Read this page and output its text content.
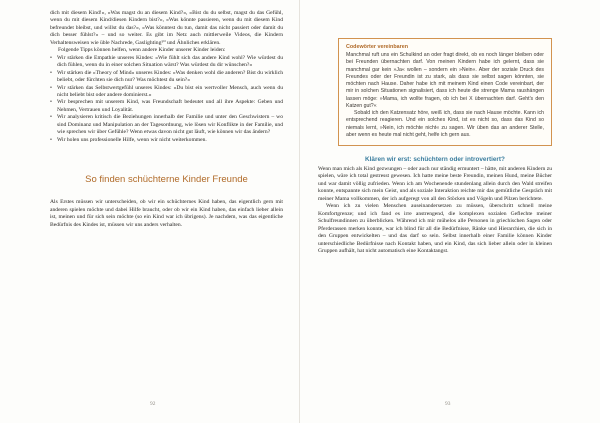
dich mit diesem Kind!«, »Was magst du an diesem Kind?«, »Bist du du selbst, magst du das Gefühl, wenn du mit diesem Kind/diesen Kindern bist?«, »Was könnte passieren, wenn du mit diesem Kind befreundet bleibst, und willst du das?«, »Was könntest du tun, damit das nicht passiert oder damit du dich besser fühlst?« – und so weiter. Es gibt im Netz auch mittlerweile Videos, die Kindern Verhaltensweisen wie üble Nachrede, Gaslighting⁵⁰ und Ähnliches erklären.

Folgende Tipps können helfen, wenn andere Kinder unserer Kinder leiden:

• Wir stärken die Empathie unseres Kindes: »Wie fühlt sich das andere Kind wohl? Wie würdest du dich fühlen, wenn du in einer solchen Situation wärst? Was würdest du dir wünschen?«
• Wir stärken die »Theory of Mind« unseres Kindes: »Was denken wohl die anderen? Bist du wirklich beliebt, oder fürchten sie dich nur? Was möchtest du sein?«
• Wir stärken das Selbstwertgefühl unseres Kindes: »Du bist ein wertvoller Mensch, auch wenn du nicht beliebt bist oder andere dominierst.«
• Wir besprechen mit unserem Kind, was Freundschaft bedeutet und all ihre Aspekte: Geben und Nehmen, Vertrauen und Loyalität.
• Wir analysieren kritisch die Beziehungen innerhalb der Familie und unter den Geschwistern – wo sind Dominanz und Manipulation an der Tagesordnung, wie lösen wir Konflikte in der Familie, und wie sprechen wir über Gefühle? Wenn etwas davon nicht gut läuft, wie können wir das ändern?
• Wir holen uns professionelle Hilfe, wenn wir nicht weiterkommen.
So finden schüchterne Kinder Freunde

Als Erstes müssen wir unterscheiden, ob wir ein schüchternes Kind haben, das eigentlich gern mit anderen spielen möchte und dabei Hilfe braucht, oder ob wir ein Kind haben, das einfach lieber allein ist, meinen und für sich sein möchte (so ein Kind war ich übrigens). Je nachdem, was das eigentliche Bedürfnis des Kindes ist, müssen wir uns anders verhalten.

92
Codewörter vereinbaren

Manchmal ruft uns ein Schulkind an oder fragt direkt, ob es noch länger bleiben oder bei Freunden übernachten darf. Von meinen Kindern habe ich gelernt, dass sie manchmal gar kein »Ja« wollen – sondern ein »Nein«. Aber der soziale Druck des Freundes oder der Freundin ist zu stark, als dass sie selbst sagen könnten, sie möchten nach Hause. Daher habe ich mit meinem Kind einen Code vereinbart, der mir in solchen Situationen signalisiert, dass ich heute die strenge Mama raushängen lassen möge: »Mama, ich wollte fragen, ob ich bei X übernachten darf. Geht's den Katzen gut?«

Sobald ich den Katzensatz höre, weiß ich, dass sie nach Hause möchte. Kann ich entsprechend reagieren. Und ein solches Kind, ist es nicht so, dass das Kind so niemals lernt, »Nein, ich möchte nicht« zu sagen. Wir üben das an anderer Stelle, aber wenn es heute mal nicht geht, helfe ich gern aus.

Klären wir erst: schüchtern oder introvertiert?

Wenn man mich als Kind gezwungen – oder auch nur ständig ermuntert – hätte, mit anderen Kindern zu spielen, wäre ich total gestresst gewesen. Ich hatte meine beste Freundin, meinen Hund, meine Bücher und war damit völlig zufrieden. Wenn ich am Wochenende stundenlang allein durch den Wald streifen konnte, entspannte sich mein Geist, und als soziale Interaktion reichte mir das gemütliche Gespräch mit meiner Mama vollkommen, der ich aufgeregt von all den Stöcken und Vögeln und Pilzen berichtete.

Wenn ich zu vielen Menschen auseinandersetzen zu müssen, überschritt schnell meine Komfortgrenze; und ich fand es irre anstrengend, die komplexen sozialen Geflechte meiner Schulfreundinnen zu überblicken. Während ich mir mühelos alle Personen in griechischen Sagen oder Pferderassen merken konnte, war ich blind für all die Bedürfnisse, Ränke und Hierarchien, die sich in den Gruppen entwickelten – und das darf so sein. Selbst innerhalb einer Familie können Kinder unterschiedliche Bedürfnisse nach Kontakt haben, und ein Kind, das sich lieber allein oder in kleinen Gruppen aufhält, hat nicht automatisch eine Kontaktangst.

93
